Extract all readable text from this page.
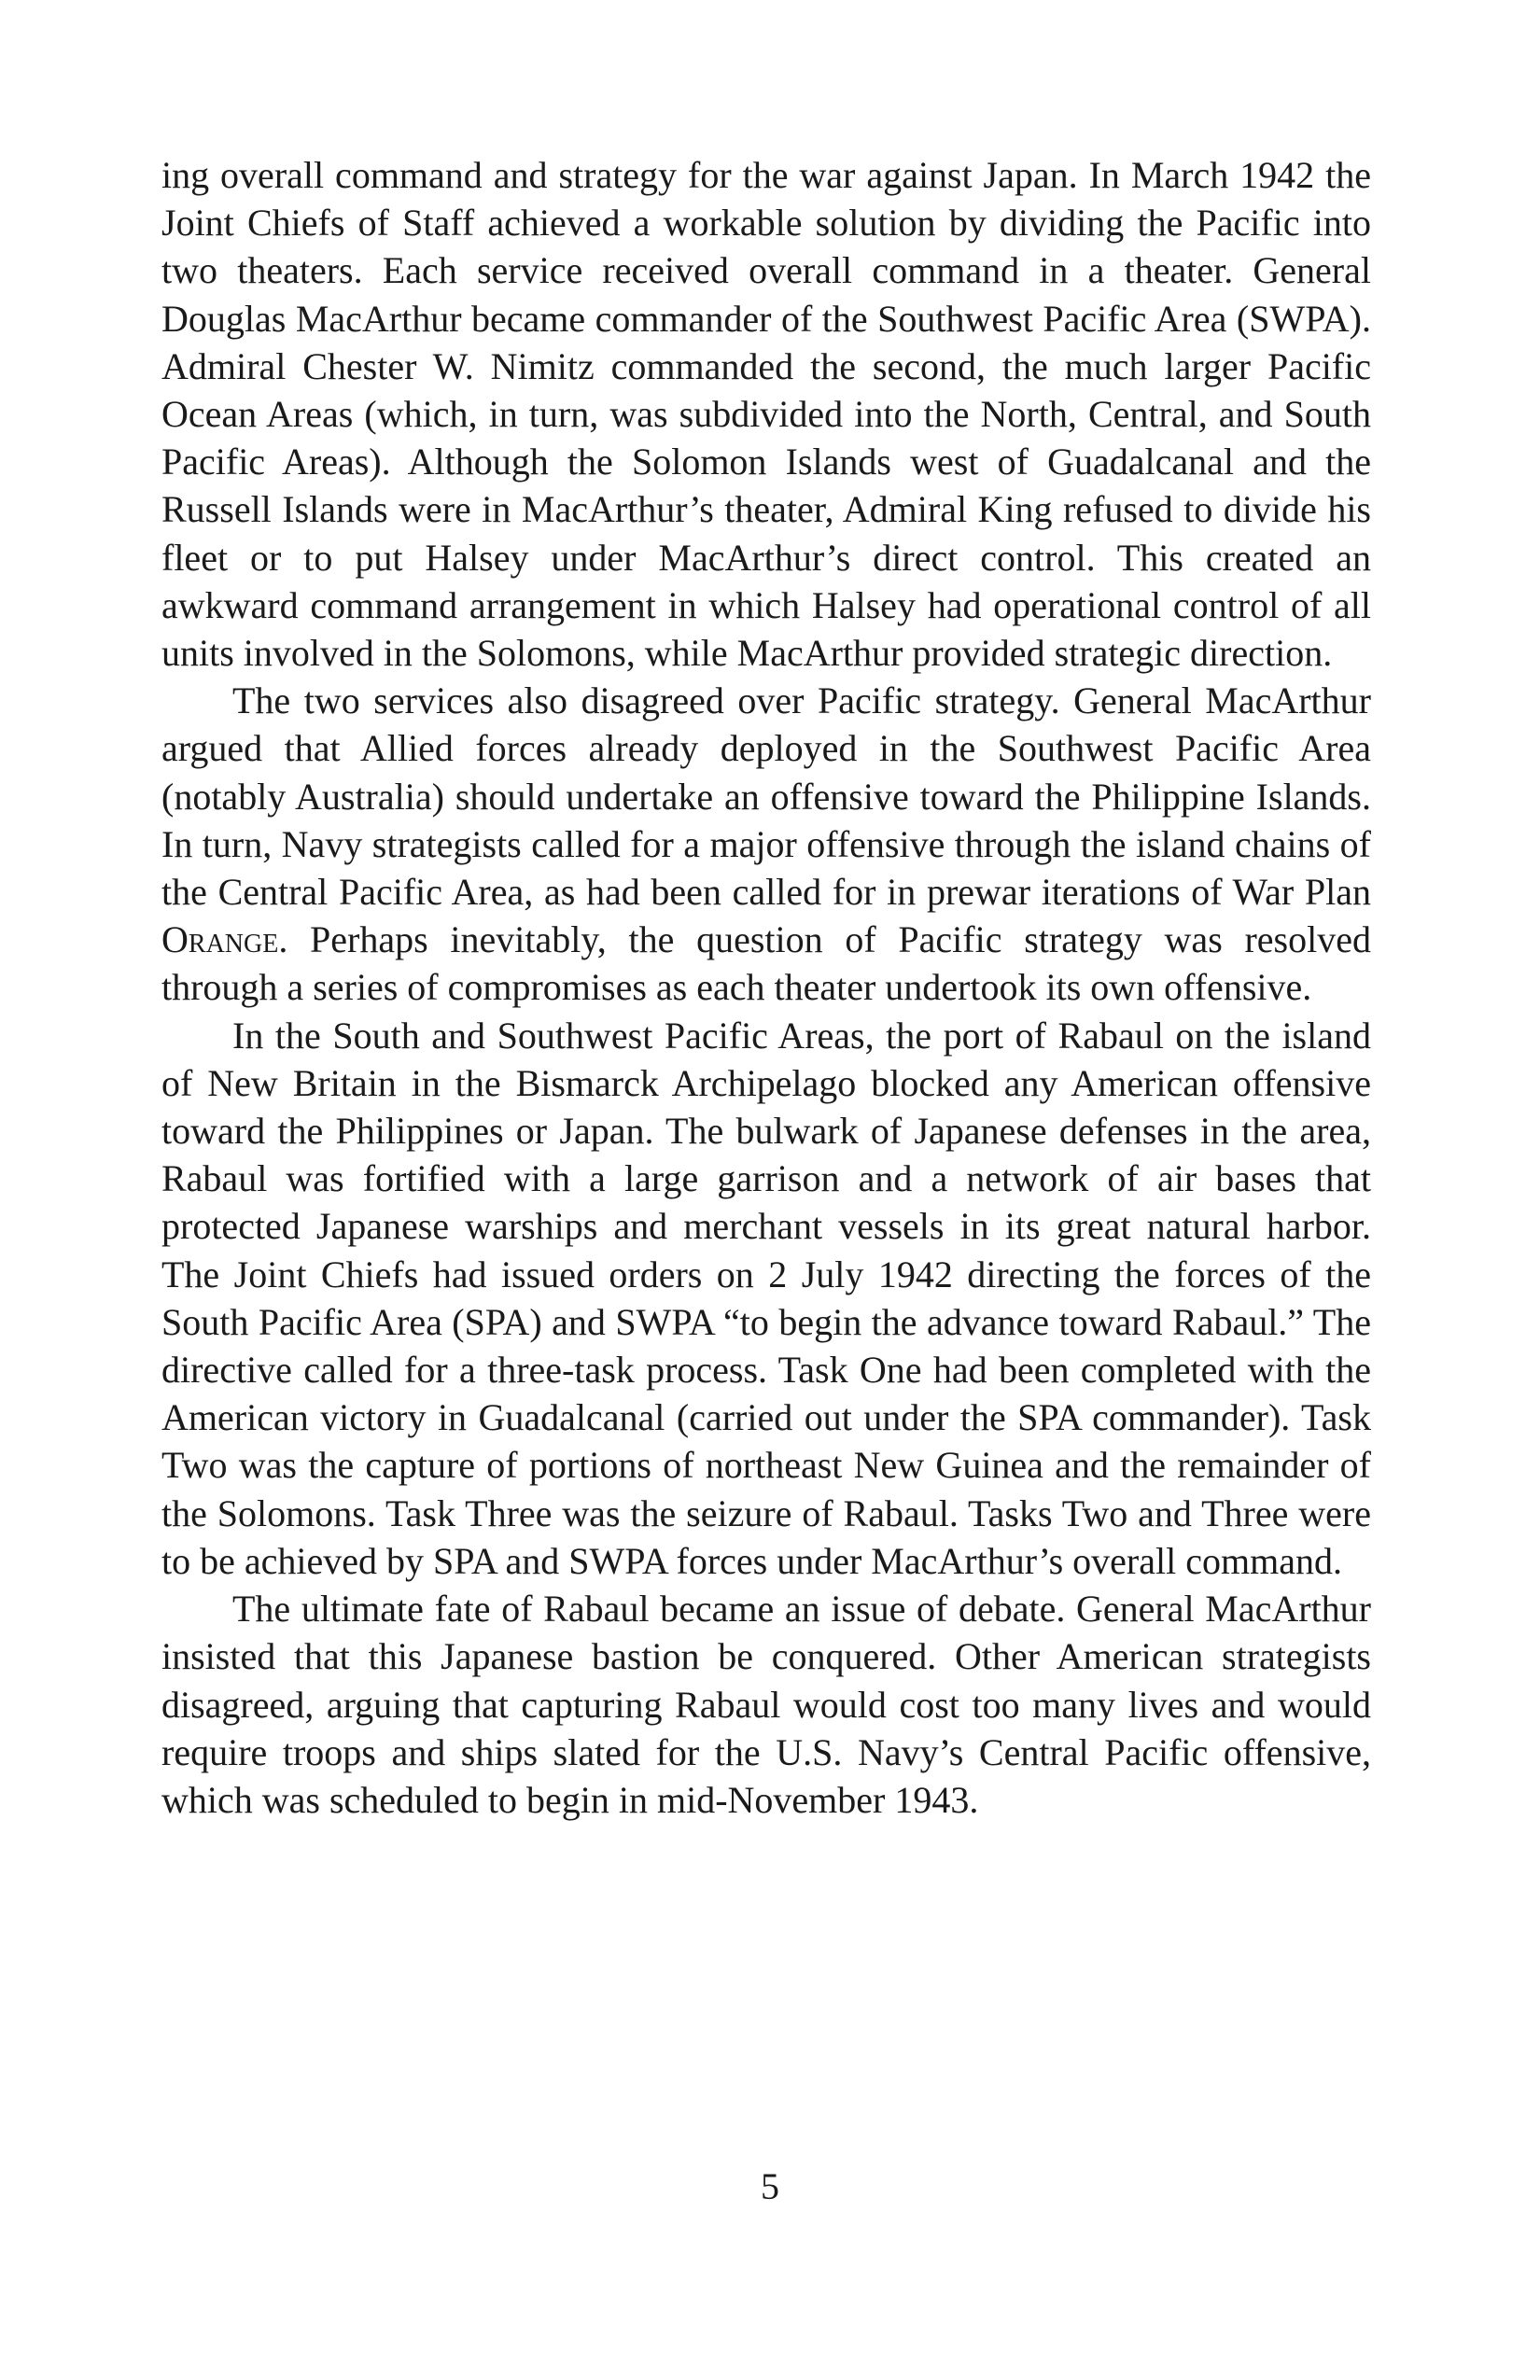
ing overall command and strategy for the war against Japan. In March 1942 the Joint Chiefs of Staff achieved a workable solution by dividing the Pacific into two theaters. Each service received overall command in a theater. General Douglas MacArthur became commander of the Southwest Pacific Area (SWPA). Admiral Chester W. Nimitz commanded the second, the much larger Pacific Ocean Areas (which, in turn, was subdivided into the North, Central, and South Pacific Areas). Although the Solomon Islands west of Guadalcanal and the Russell Islands were in MacArthur’s theater, Admiral King refused to divide his fleet or to put Halsey under MacArthur’s direct control. This created an awkward command arrangement in which Halsey had operational control of all units involved in the Solomons, while MacArthur provided strategic direction.

The two services also disagreed over Pacific strategy. General MacArthur argued that Allied forces already deployed in the Southwest Pacific Area (notably Australia) should undertake an offensive toward the Philippine Islands. In turn, Navy strategists called for a major offensive through the island chains of the Central Pacific Area, as had been called for in prewar iterations of War Plan Orange. Perhaps inevitably, the question of Pacific strategy was resolved through a series of compromises as each theater undertook its own offensive.

In the South and Southwest Pacific Areas, the port of Rabaul on the island of New Britain in the Bismarck Archipelago blocked any American offensive toward the Philippines or Japan. The bulwark of Japanese defenses in the area, Rabaul was fortified with a large garrison and a network of air bases that protected Japanese warships and merchant vessels in its great natural harbor. The Joint Chiefs had issued orders on 2 July 1942 directing the forces of the South Pacific Area (SPA) and SWPA “to begin the advance toward Rabaul.” The directive called for a three-task process. Task One had been completed with the American victory in Guadalcanal (carried out under the SPA commander). Task Two was the capture of portions of northeast New Guinea and the remainder of the Solomons. Task Three was the seizure of Rabaul. Tasks Two and Three were to be achieved by SPA and SWPA forces under MacArthur’s overall command.

The ultimate fate of Rabaul became an issue of debate. General MacArthur insisted that this Japanese bastion be conquered. Other American strategists disagreed, arguing that capturing Rabaul would cost too many lives and would require troops and ships slated for the U.S. Navy’s Central Pacific offensive, which was scheduled to begin in mid-November 1943.

5
